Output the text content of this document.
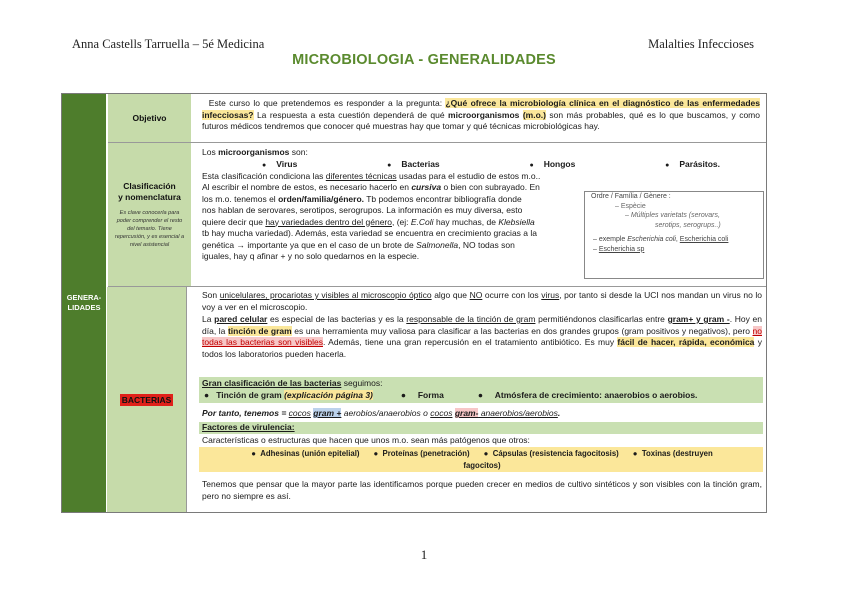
Anna Castells Tarruella – 5é Medicina	Malalties Infeccioses
MICROBIOLOGIA - GENERALIDADES
GENERA-
LIDADES
Objetivo

Este curso lo que pretendemos es responder a la pregunta: ¿Qué ofrece la microbiología clínica en el diagnóstico de las enfermedades infecciosas? La respuesta a esta cuestión dependerá de qué microorganismos (m.o.) son más probables, qué es lo que buscamos, y como futuros médicos tendremos que conocer qué muestras hay que tomar y qué técnicas microbiológicas hay.

Clasificación
y nomenclatura
Es clave conocerla para poder comprender el resto del temario. Tiene repercusión, y es esencial a nivel asistencial

Los microorganismos son:

● Virus	● Bacterias	● Hongos	● Parásitos.

Esta clasificación condiciona las diferentes técnicas usadas para el estudio de estos m.o..

Al escribir el nombre de estos, es necesario hacerlo en cursiva o bien con subrayado. En

los m.o. tenemos el orden/familia/género. Tb podemos encontrar bibliografía donde

nos hablan de serovares, serotipos, serogrupos. La información es muy diversa, esto

quiere decir que hay variedades dentro del género, (ej: E.Coli hay muchas, de Klebsiella

tb hay mucha variedad). Además, esta variedad se encuentra en crecimiento gracias a la

genética → importante ya que en el caso de un brote de Salmonella, NO todas son

iguales, hay q afinar + y no solo quedarnos en la especie.

Ordre / Família / Gènere :
– Espècie
– Múltiples varietats (serovars,
serotips, serogrups..)
– exemple Escherichia coli, Escherichia coli
– Escherichia sp
BACTERIAS

Son unicelulares, procariotas y visibles al microscopio óptico algo que NO ocurre con los virus, por tanto si desde la UCI nos mandan un virus no lo voy a ver en el microscopio.

La pared celular es especial de las bacterias y es la responsable de la tinción de gram permitiéndonos clasificarlas entre gram+ y gram -. Hoy en día, la tinción de gram es una herramienta muy valiosa para clasificar a las bacterias en dos grandes grupos (gram positivos y negativos), pero no todas las bacterias son visibles. Además, tiene una gran repercusión en el tratamiento antibiótico. Es muy fácil de hacer, rápida, económica y todos los laboratorios pueden hacerla.

Gran clasificación de las bacterias seguimos:

●   Tinción de gram (explicación página 3)	●     Forma	●     Atmósfera de crecimiento: anaerobios o aerobios.
Por tanto, tenemos = cocos gram + aerobios/anaerobios o cocos gram- anaerobios/aerobios.
Factores de virulencia:
Características o estructuras que hacen que unos m.o. sean más patógenos que otros:
●  Adhesinas (unión epitelial) ●  Proteínas (penetración) ●  Cápsulas (resistencia fagocitosis) ●  Toxinas (destruyen
fagocitos)
Tenemos que pensar que la mayor parte las identificamos porque pueden crecer en medios de cultivo sintéticos y son visibles con la tinción gram, pero no siempre es así.
1
